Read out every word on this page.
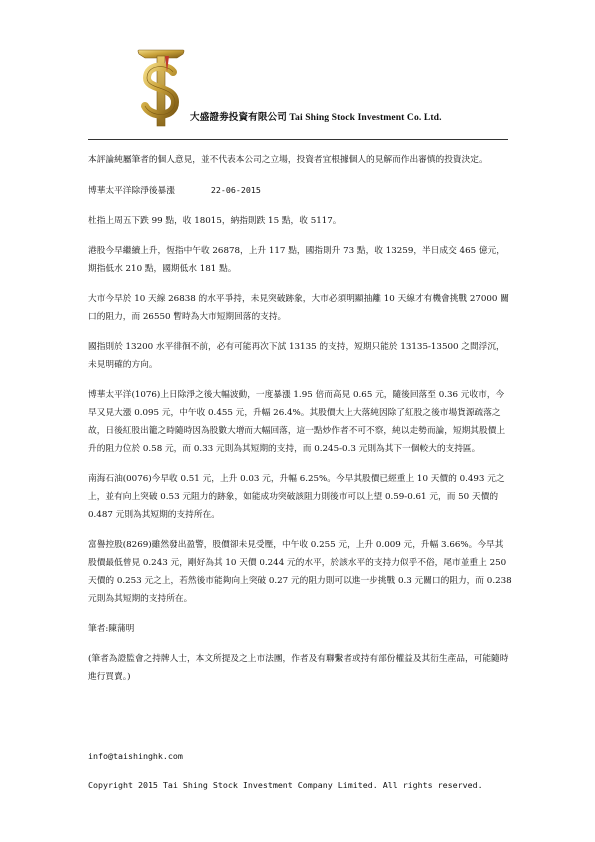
大盛證劵投資有限公司 Tai Shing Stock Investment Co. Ltd.

本評論純屬筆者的個人意見，並不代表本公司之立場，投資者宜根據個人的見解而作出審慎的投資決定。

博華太平洋除淨後暴漲	22-06-2015

杜指上周五下跌 99 點，收 18015，納指則跌 15 點，收 5117。

港股今早繼續上升，恆指中午收 26878，上升 117 點，國指則升 73 點，收 13259，半日成交 465 億元，期指低水 210 點，國期低水 181 點。

大市今早於 10 天線 26838 的水平爭持，未見突破跡象，大市必須明顯抽離 10 天線才有機會挑戰 27000 關口的阻力，而 26550 暫時為大市短期回落的支持。

國指則於 13200 水平徘徊不前，必有可能再次下試 13135 的支持，短期只能於 13135-13500 之間浮沉，未見明確的方向。

博華太平洋(1076)上日除淨之後大幅波動，一度暴漲 1.95 倍而高見 0.65 元，隨後回落至 0.36 元收市，今早又見大漲 0.095 元，中午收 0.455 元，升幅 26.4%。其股價大上大落純因除了紅股之後市場貨源疏落之故，日後紅股出籠之時隨時因為股數大增而大幅回落，這一點炒作者不可不察，純以走勢而論，短期其股價上升的阻力位於 0.58 元，而 0.33 元則為其短期的支持，而 0.245-0.3 元則為其下一個較大的支持區。

南海石油(0076)今早收 0.51 元，上升 0.03 元，升幅 6.25%。今早其股價已經重上 10 天價的 0.493 元之上，並有向上突破 0.53 元阻力的跡象，如能成功突破該阻力則後市可以上望 0.59-0.61 元，而 50 天價的 0.487 元則為其短期的支持所在。

富譽控股(8269)雖然發出盈警，股價卻未見受壓，中午收 0.255 元，上升 0.009 元，升幅 3.66%。今早其股價最低曾見 0.243 元，剛好為其 10 天價 0.244 元的水平，於該水平的支持力似乎不俗，尾市並重上 250 天價的 0.253 元之上，若然後市能夠向上突破 0.27 元的阻力則可以進一步挑戰 0.3 元關口的阻力，而 0.238 元則為其短期的支持所在。

筆者:陳蒲明

(筆者為證監會之持牌人士，本文所提及之上市法團，作者及有聯繫者或持有部份權益及其衍生產品，可能隨時進行買賣。)

info@taishinghk.com
Copyright 2015 Tai Shing Stock Investment Company Limited. All rights reserved.
